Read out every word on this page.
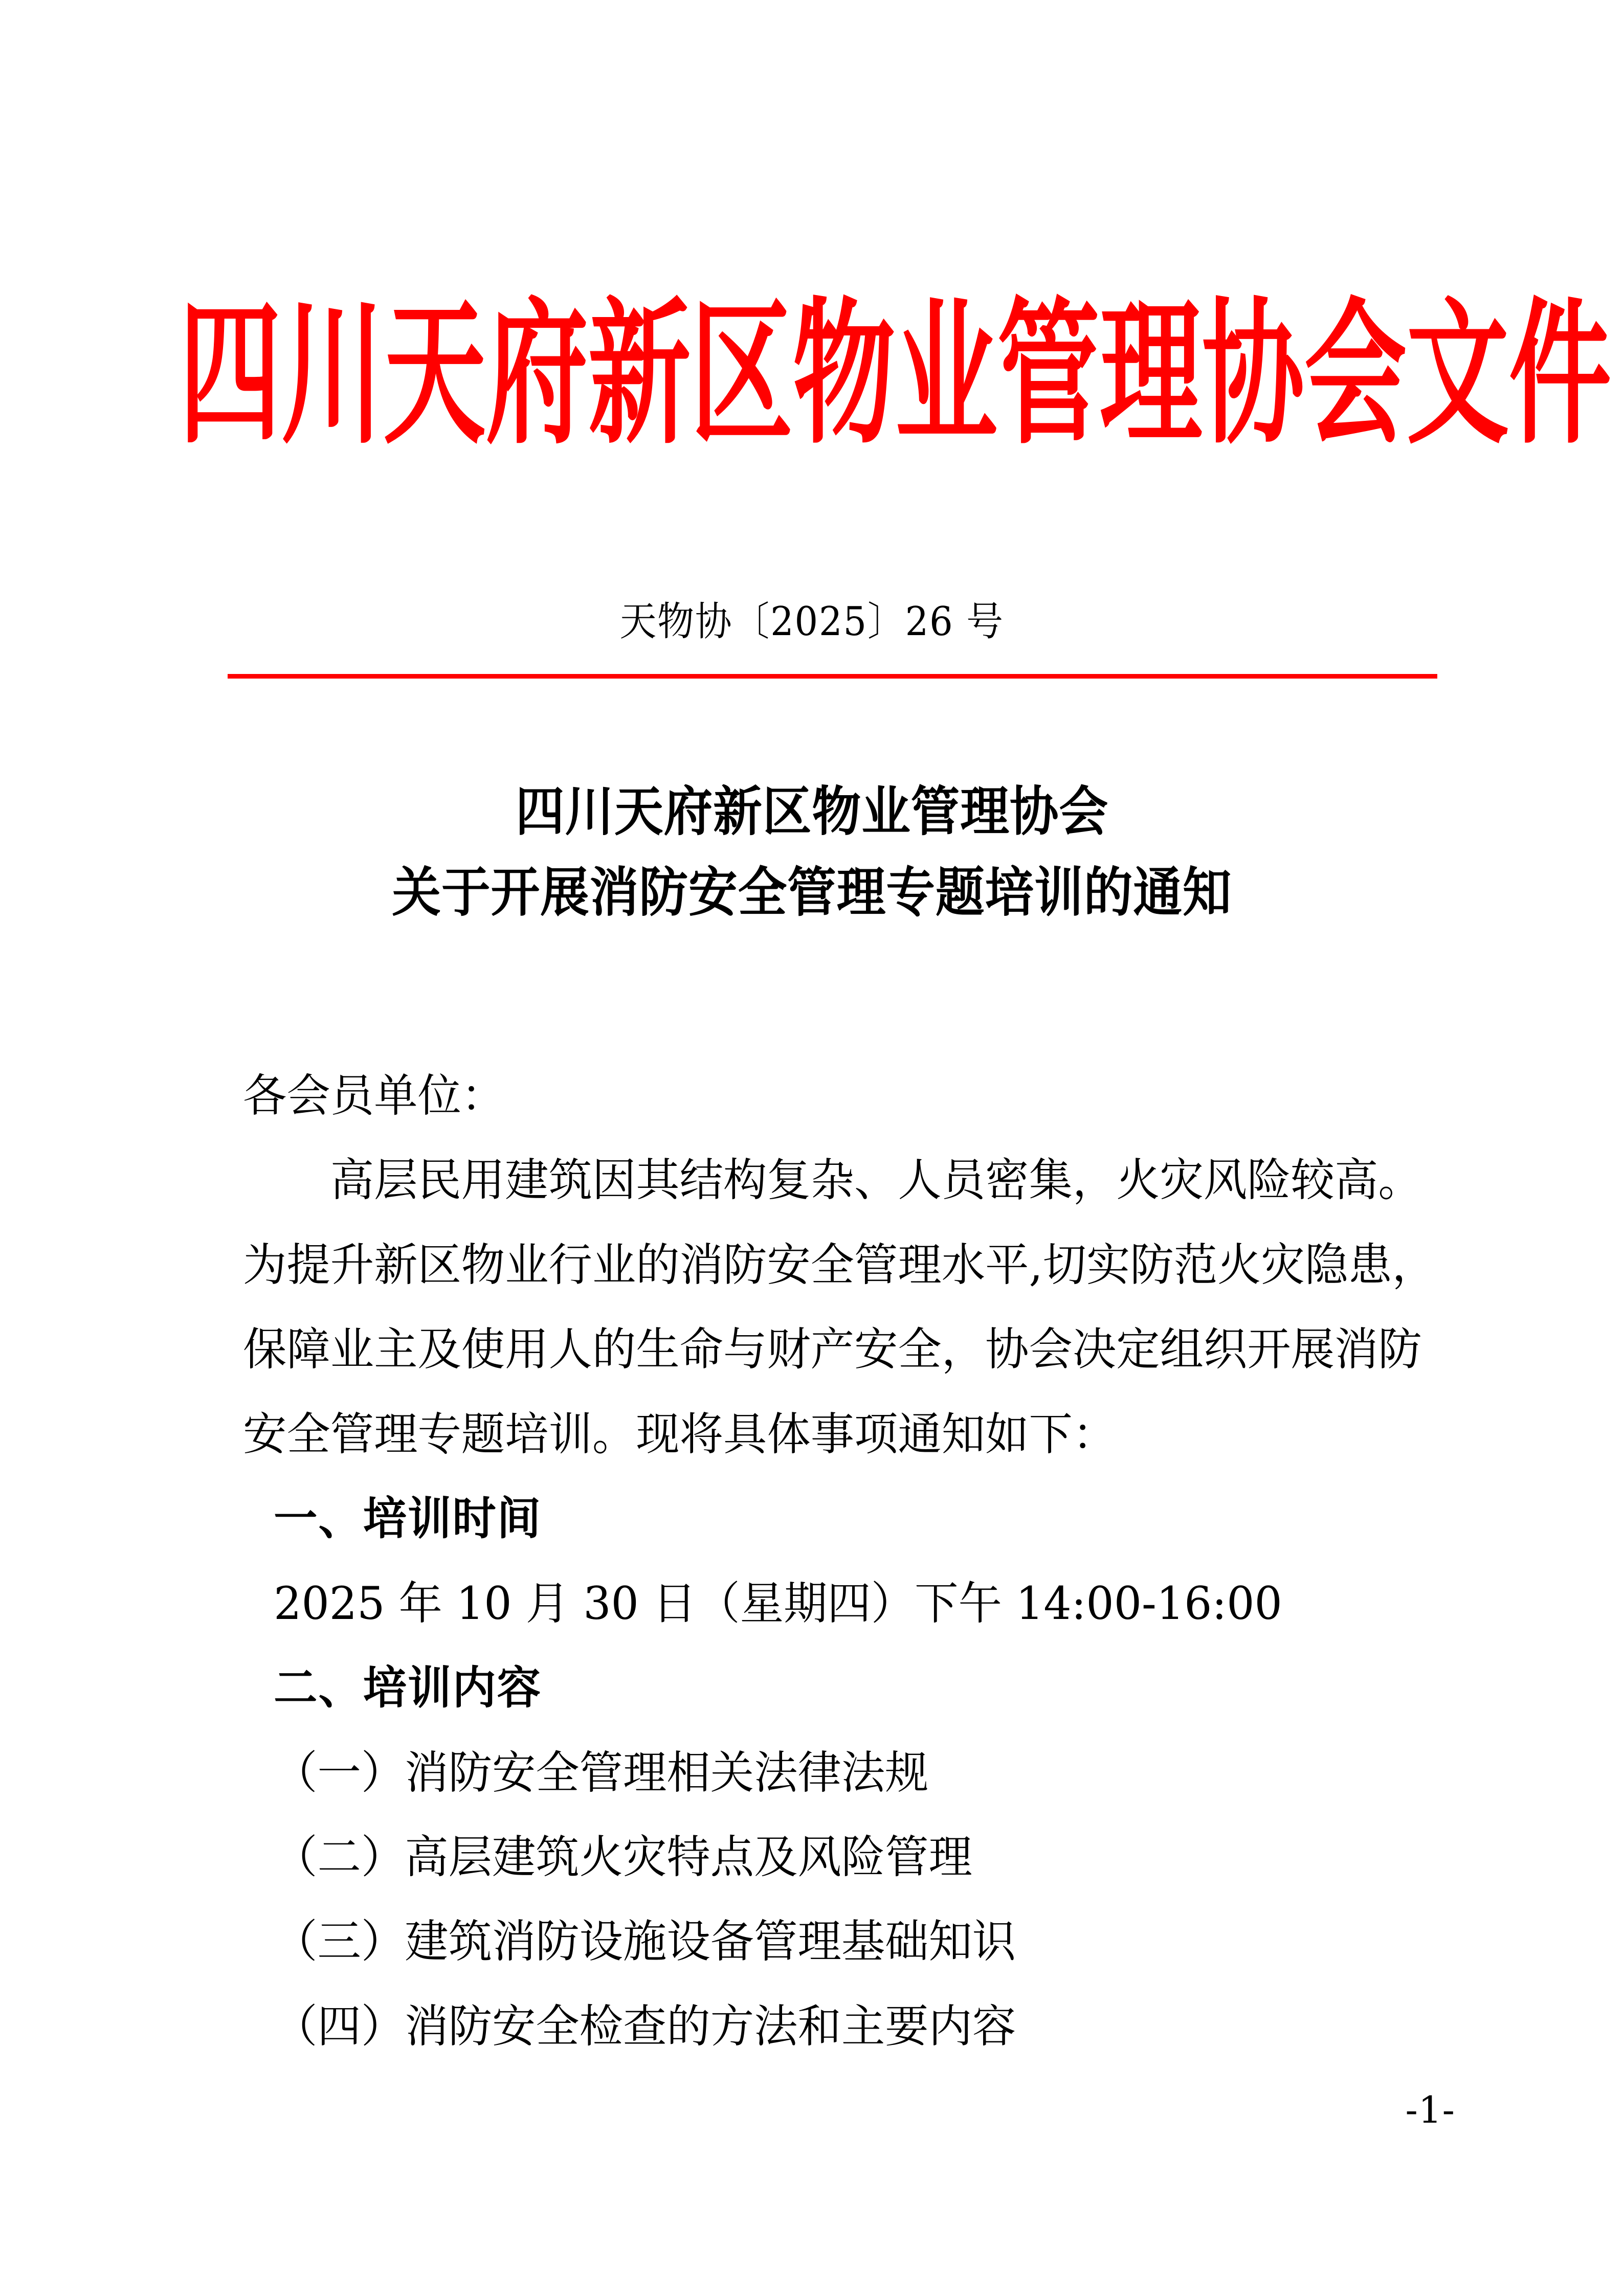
四川天府新区物业管理协会文件
天物协〔2025〕26 号
四川天府新区物业管理协会
关于开展消防安全管理专题培训的通知
各会员单位：
高层民用建筑因其结构复杂、人员密集，火灾风险较高。
为提升新区物业行业的消防安全管理水平,切实防范火灾隐患，
保障业主及使用人的生命与财产安全，协会决定组织开展消防
安全管理专题培训。现将具体事项通知如下：
一、培训时间
2025 年 10 月 30 日（星期四）下午 14:00-16:00
二、培训内容
（一）消防安全管理相关法律法规
（二）高层建筑火灾特点及风险管理
（三）建筑消防设施设备管理基础知识
（四）消防安全检查的方法和主要内容
-1-
